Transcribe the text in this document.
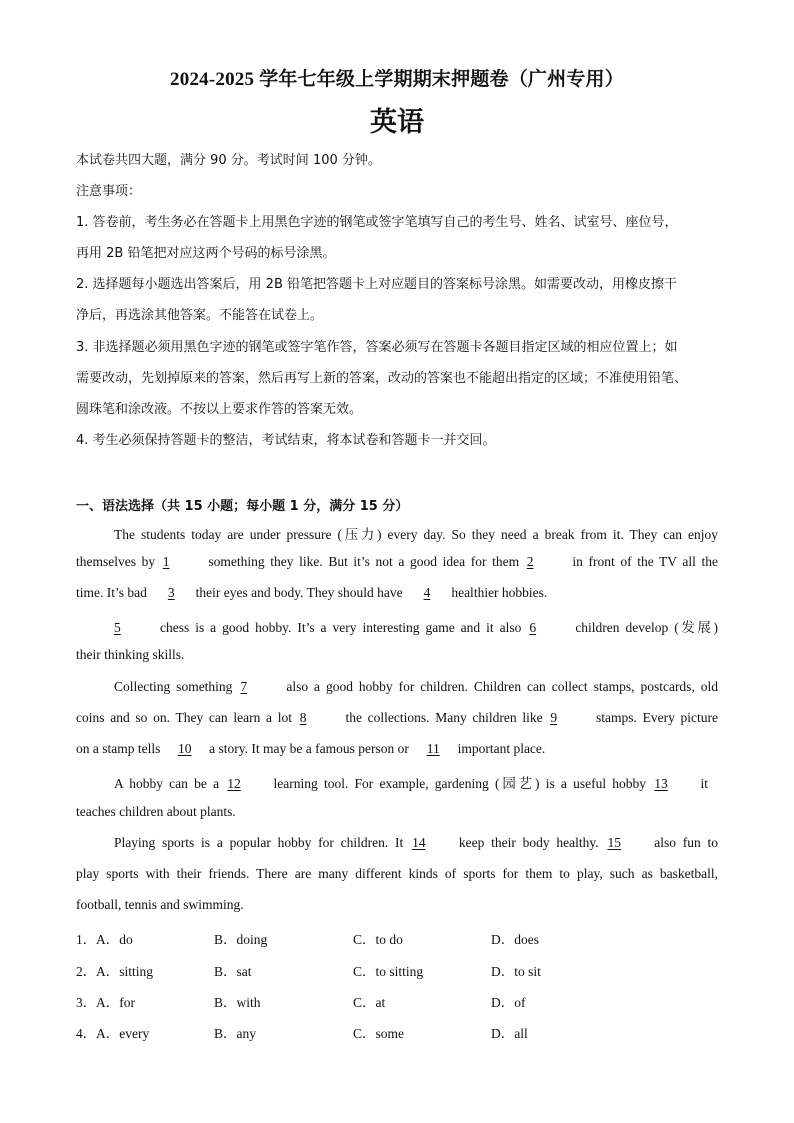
2024-2025 学年七年级上学期期末押题卷（广州专用）
英语
本试卷共四大题，满分 90 分。考试时间 100 分钟。
注意事项：
1. 答卷前，考生务必在答题卡上用黑色字迹的钢笔或签字笔填写自己的考生号、姓名、试室号、座位号，
再用 2B 铅笔把对应这两个号码的标号涂黑。
2. 选择题每小题选出答案后，用 2B 铅笔把答题卡上对应题目的答案标号涂黑。如需要改动，用橡皮擦干
净后，再选涂其他答案。不能答在试卷上。
3. 非选择题必须用黑色字迹的钢笔或签字笔作答，答案必须写在答题卡各题目指定区域的相应位置上；如
需要改动，先划掉原来的答案，然后再写上新的答案，改动的答案也不能超出指定的区域；不准使用铅笔、
圆珠笔和涂改液。不按以上要求作答的答案无效。
4. 考生必须保持答题卡的整洁，考试结束，将本试卷和答题卡一并交回。
一、语法选择（共 15 小题；每小题 1 分，满分 15 分）
The students today are under pressure (压力) every day. So they need a break from it. They can enjoy
themselves by 1	something they like. But it’s not a good idea for them 2	in front of the TV all the
time. It’s bad 3 their eyes and body. They should have 4 healthier hobbies.
5	chess is a good hobby. It’s a very interesting game and it also 6	children develop (发展)
their thinking skills.
Collecting something 7	also a good hobby for children. Children can collect stamps, postcards, old
coins and so on. They can learn a lot 8	the collections. Many children like 9	stamps. Every picture
on a stamp tells 10 a story. It may be a famous person or 11 important place.
A hobby can be a 12 learning tool. For example, gardening (园艺) is a useful hobby 13 it
teaches children about plants.
Playing sports is a popular hobby for children. It 14 keep their body healthy. 15 also fun to
play sports with their friends. There are many different kinds of sports for them to play, such as basketball,
football, tennis and swimming.
1． A．do	B．doing	C．to do	D．does
2． A．sitting	B．sat	C．to sitting	D．to sit
3． A．for	B．with	C．at	D．of
4． A．every	B．any	C．some	D．all
